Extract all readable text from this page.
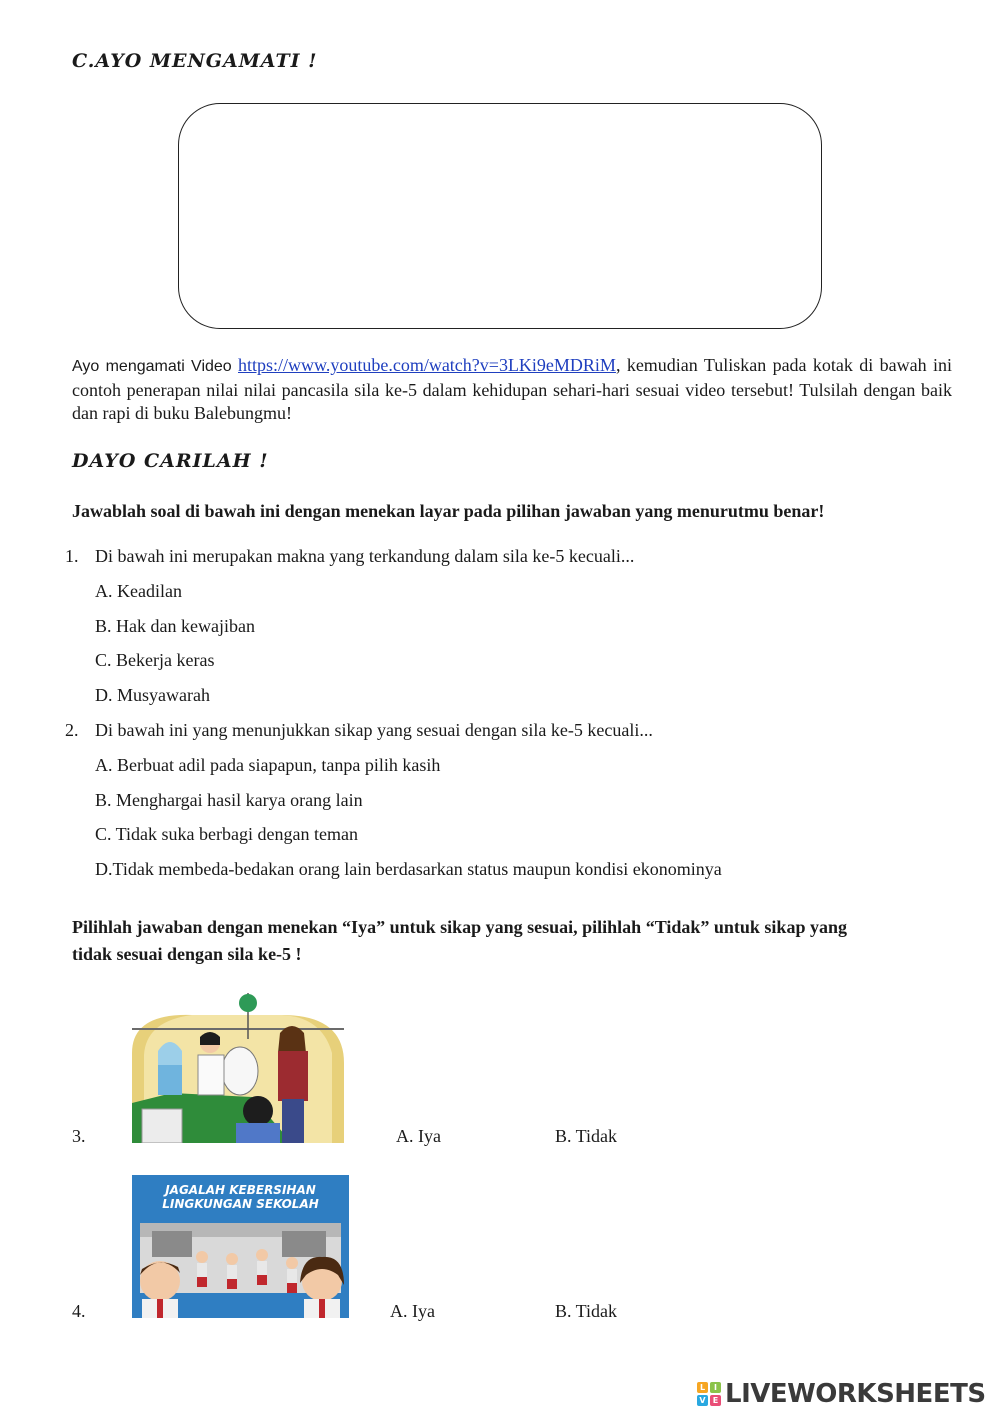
C.AYO MENGAMATI !
Ayo mengamati Video https://www.youtube.com/watch?v=3LKi9eMDRiM, kemudian Tuliskan pada kotak di bawah ini contoh penerapan nilai nilai pancasila sila ke-5 dalam kehidupan sehari-hari sesuai video tersebut! Tulsilah dengan baik dan rapi di buku Balebungmu!
DAYO CARILAH !
Jawablah soal di bawah ini dengan menekan layar pada pilihan jawaban yang menurutmu benar!
1. Di bawah ini merupakan makna yang terkandung dalam sila ke-5 kecuali...
A. Keadilan
B. Hak dan kewajiban
C. Bekerja keras
D. Musyawarah
2. Di bawah ini yang menunjukkan sikap yang sesuai dengan sila ke-5 kecuali...
A. Berbuat adil pada siapapun, tanpa pilih kasih
B. Menghargai hasil karya orang lain
C. Tidak suka berbagi dengan teman
D.Tidak membeda-bedakan orang lain berdasarkan status maupun kondisi ekonominya
Pilihlah jawaban dengan menekan “Iya” untuk sikap yang sesuai, pilihlah “Tidak” untuk sikap yang
tidak sesuai dengan sila ke-5 !
3.	A. Iya	B. Tidak
4.
JAGALAH KEBERSIHAN
LINGKUNGAN SEKOLAH
A. Iya	B. Tidak
L	I
V E LIVEWORKSHEETS
